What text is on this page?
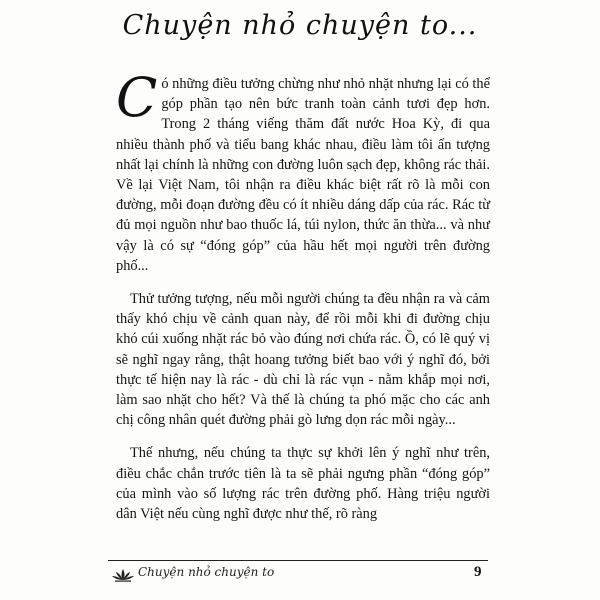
Chuyện nhỏ chuyện to...

Có những điều tưởng chừng như nhỏ nhặt nhưng lại có thể góp phần tạo nên bức tranh toàn cảnh tươi đẹp hơn. Trong 2 tháng viếng thăm đất nước Hoa Kỳ, đi qua nhiều thành phố và tiểu bang khác nhau, điều làm tôi ấn tượng nhất lại chính là những con đường luôn sạch đẹp, không rác thải. Về lại Việt Nam, tôi nhận ra điều khác biệt rất rõ là mỗi con đường, mỗi đoạn đường đều có ít nhiều dáng dấp của rác. Rác từ đủ mọi nguồn như bao thuốc lá, túi nylon, thức ăn thừa... và như vậy là có sự “đóng góp” của hầu hết mọi người trên đường phố...

Thử tưởng tượng, nếu mỗi người chúng ta đều nhận ra và cảm thấy khó chịu về cảnh quan này, để rồi mỗi khi đi đường chịu khó cúi xuống nhặt rác bỏ vào đúng nơi chứa rác. Ồ, có lẽ quý vị sẽ nghĩ ngay rằng, thật hoang tưởng biết bao với ý nghĩ đó, bởi thực tế hiện nay là rác - dù chỉ là rác vụn - nằm khắp mọi nơi, làm sao nhặt cho hết? Và thế là chúng ta phó mặc cho các anh chị công nhân quét đường phải gò lưng dọn rác mỗi ngày...

Thế nhưng, nếu chúng ta thực sự khởi lên ý nghĩ như trên, điều chắc chắn trước tiên là ta sẽ phải ngưng phần “đóng góp” của mình vào số lượng rác trên đường phố. Hàng triệu người dân Việt nếu cùng nghĩ được như thế, rõ ràng

Chuyện nhỏ chuyện to	9
